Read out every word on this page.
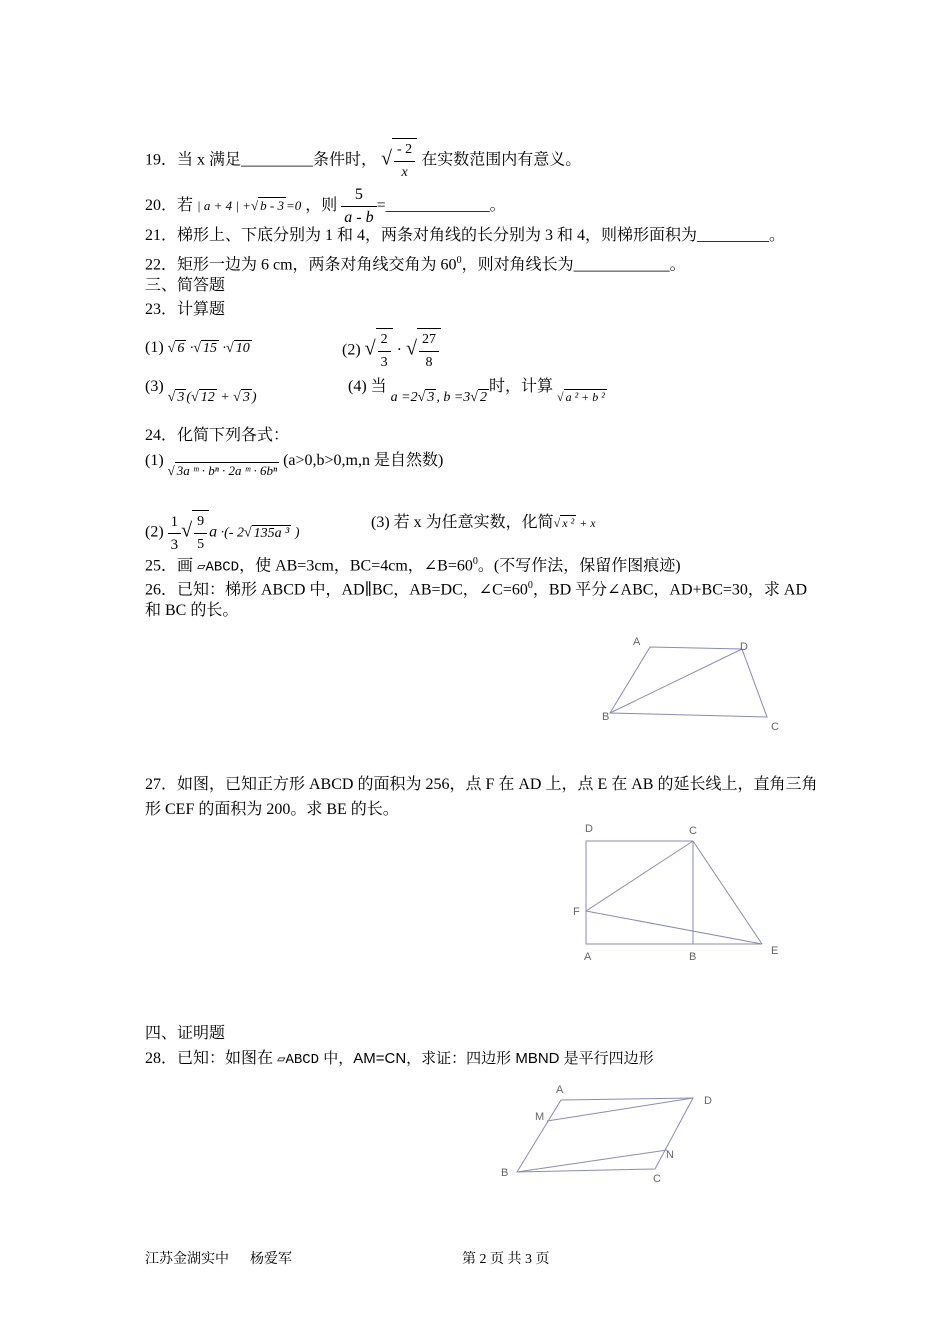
19．当 x 满足_________条件时， √ $\frac{- 2}{x}$ 在实数范围内有意义。
20．若 | a + 4 | +√ b - 3 =0 ，则 $\frac{5}{a - b}$ =_____________。
21．梯形上、下底分别为 1 和 4，两条对角线的长分别为 3 和 4，则梯形面积为_________。
22．矩形一边为 6 cm，两条对角线交角为 $60^0$，则对角线长为____________。
三、简答题
23．计算题
(1) √ 6 ·√ 15 ·√ 10	(2) √ $\frac{2}{3}$ · √ $\frac{27}{8}$
(3) √ 3 (√ 12 + √ 3 )
(4) 当 a =2√ 3 , b =3√ 2时，计算 $_{√ a ^2 + b ^2}$
24．化简下列各式：
(1) $_{√ 3a ᵐ \cdot b^n \cdot 2a ᵐ \cdot 6b^n}$ (a>0,b>0,m,n 是自然数)
$(2) \frac{1}{3}$ √ $\frac{9}{5}$ a ·(- 2√ 135a ³ )
(3) 若 x 为任意实数，化简√ x ² + x
25．画 ▱ABCD，使 AB=3cm，BC=4cm，$\angle B=60^0$。(不写作法，保留作图痕迹)
26．已知：梯形 ABCD 中，AD∥BC，AB=DC，$\angle C=60^0$，BD 平分∠ABC，AD+BC=30，求 AD
和 BC 的长。
A	D
B
C
27．如图，已知正方形 ABCD 的面积为 256，点 F 在 AD 上，点 E 在 AB 的延长线上，直角三角
形 CEF 的面积为 200。求 BE 的长。
D	C
F
A	B	E
四、证明题
28．已知：如图在 ▱ABCD 中，AM=CN，求证：四边形 MBND 是平行四边形
A
D
M
N
B	C
江苏金湖实中 杨爱军	第 2 页 共 3 页
